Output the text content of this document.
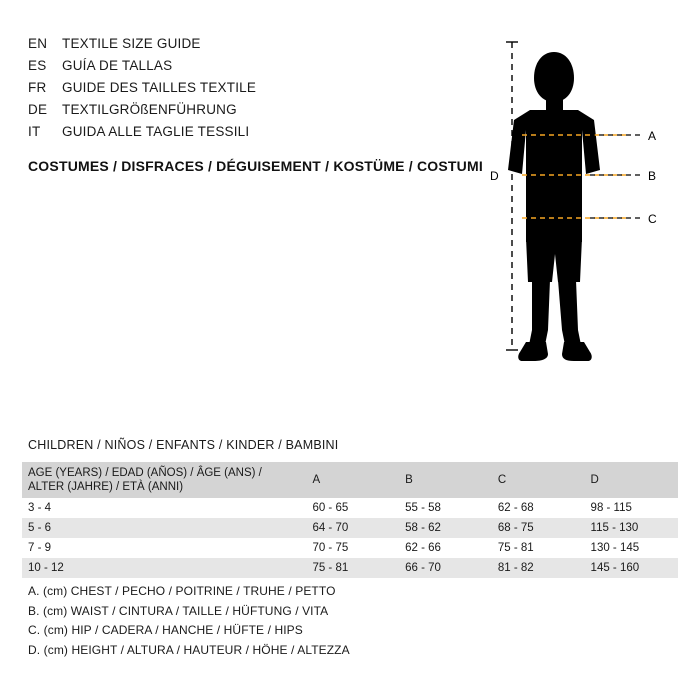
EN	TEXTILE SIZE GUIDE
ES	GUÍA DE TALLAS
FR	GUIDE DES TAILLES TEXTILE
DE	TEXTILGRÖßENFÜHRUNG
IT	GUIDA ALLE TAGLIE TESSILI
COSTUMES / DISFRACES / DÉGUISEMENT / KOSTÜME / COSTUMI
A
B
C
D
CHILDREN / NIÑOS / ENFANTS / KINDER / BAMBINI
AGE (YEARS) / EDAD (AÑOS) / ÂGE (ANS) /
ALTER (JAHRE) / ETÀ (ANNI)	A	B	C	D
3 - 4	60 - 65	55 - 58	62 - 68	98 - 115
5 - 6	64 - 70	58 - 62	68 - 75	115 - 130
7 - 9	70 - 75	62 - 66	75 - 81	130 - 145
10 - 12	75 - 81	66 - 70	81 - 82	145 - 160
A. (cm) CHEST / PECHO / POITRINE / TRUHE / PETTO
B. (cm) WAIST / CINTURA / TAILLE / HÜFTUNG / VITA
C. (cm) HIP / CADERA / HANCHE / HÜFTE / HIPS
D. (cm) HEIGHT / ALTURA / HAUTEUR / HÖHE / ALTEZZA
